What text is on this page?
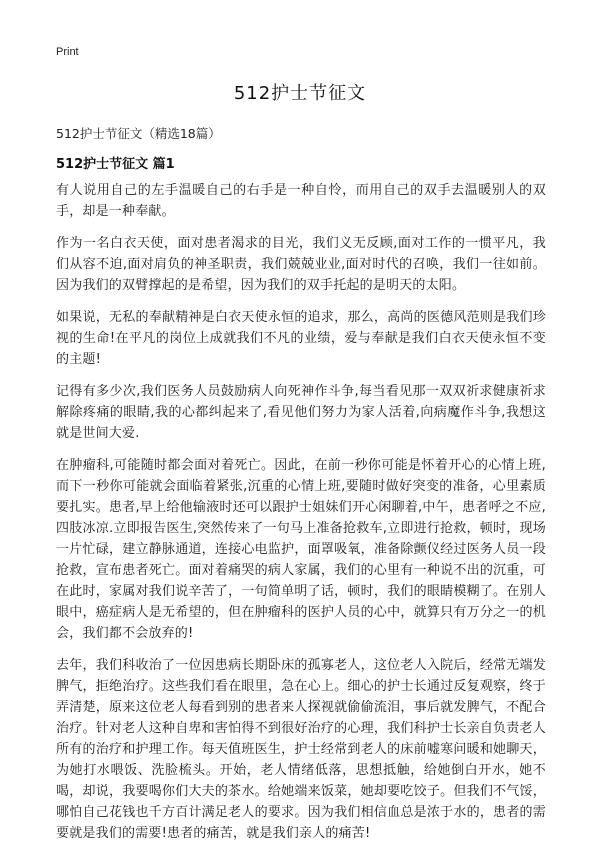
Print
512护士节征文
512护士节征文（精选18篇）
512护士节征文 篇1

有人说用自己的左手温暖自己的右手是一种自怜，而用自己的双手去温暖别人的双手，却是一种奉献。

作为一名白衣天使，面对患者渴求的目光，我们义无反顾,面对工作的一惯平凡，我们从容不迫,面对肩负的神圣职责，我们兢兢业业,面对时代的召唤，我们一往如前。因为我们的双臂撑起的是希望，因为我们的双手托起的是明天的太阳。

如果说，无私的奉献精神是白衣天使永恒的追求，那么，高尚的医德风范则是我们珍视的生命!在平凡的岗位上成就我们不凡的业绩，爱与奉献是我们白衣天使永恒不变的主题!

记得有多少次,我们医务人员鼓励病人向死神作斗争,每当看见那一双双祈求健康祈求解除疼痛的眼睛,我的心都纠起来了,看见他们努力为家人活着,向病魔作斗争,我想这就是世间大爱.

在肿瘤科,可能随时都会面对着死亡。因此，在前一秒你可能是怀着开心的心情上班,而下一秒你可能就会面临着紧张,沉重的心情上班,要随时做好突变的准备，心里素质要扎实。患者,早上给他输液时还可以跟护士姐妹们开心闲聊着,中午，患者呼之不应,四肢冰凉.立即报告医生,突然传来了一句马上准备抢救车,立即进行抢救，顿时，现场一片忙碌，建立静脉通道，连接心电监护，面罩吸氧，准备除颤仪经过医务人员一段抢救，宣布患者死亡。面对着痛哭的病人家属，我们的心里有一种说不出的沉重，可在此时，家属对我们说辛苦了，一句简单明了话，顿时，我们的眼睛模糊了。在别人眼中，癌症病人是无希望的，但在肿瘤科的医护人员的心中，就算只有万分之一的机会，我们都不会放弃的!

去年，我们科收治了一位因患病长期卧床的孤寡老人，这位老人入院后，经常无端发脾气，拒绝治疗。这些我们看在眼里，急在心上。细心的护士长通过反复观察，终于弄清楚，原来这位老人每看到别的患者来人探视就偷偷流泪，事后就发脾气，不配合治疗。针对老人这种自卑和害怕得不到很好治疗的心理，我们科护士长亲自负责老人所有的治疗和护理工作。每天值班医生，护士经常到老人的床前嘘寒问暖和她聊天，为她打水喂饭、洗脸梳头。开始，老人情绪低落，思想抵触，给她倒白开水，她不喝，却说，我要喝你们大夫的茶水。给她端来饭菜，她却要吃饺子。但我们不气馁，哪怕自己花钱也千方百计满足老人的要求。因为我们相信血总是浓于水的，患者的需要就是我们的需要!患者的痛苦，就是我们亲人的痛苦!
